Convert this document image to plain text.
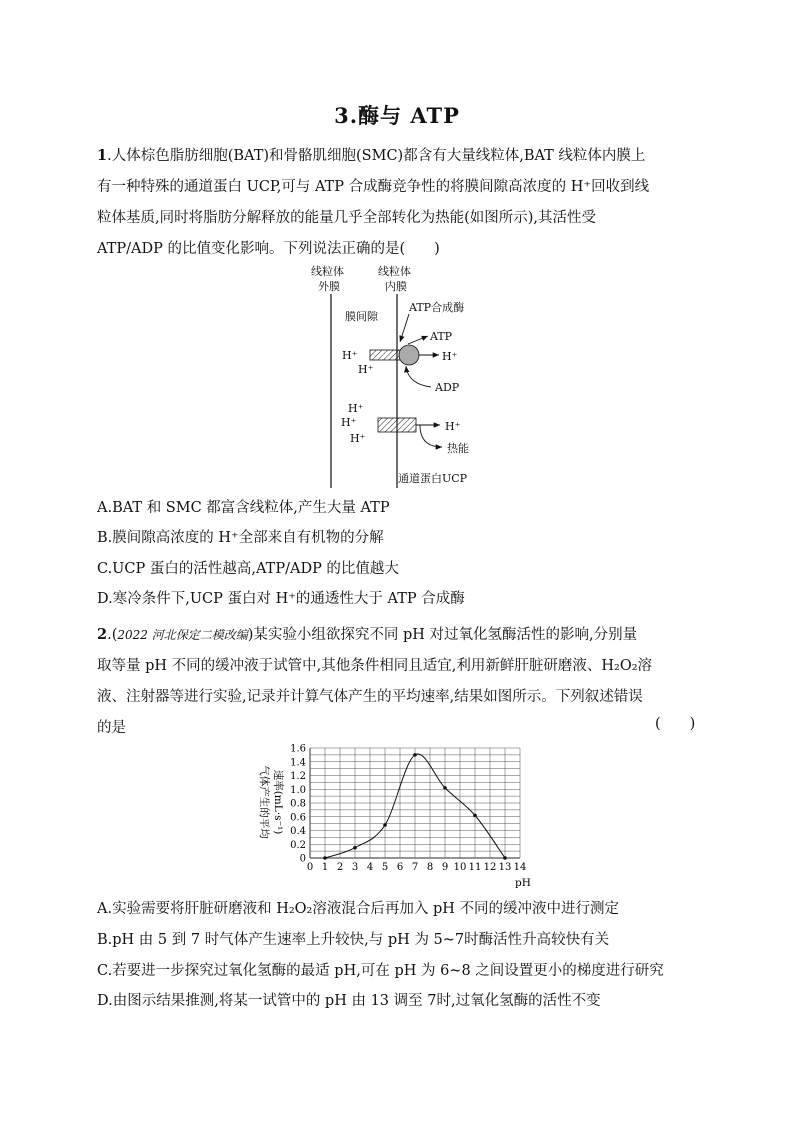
3.酶与 ATP
1.人体棕色脂肪细胞(BAT)和骨骼肌细胞(SMC)都含有大量线粒体,BAT 线粒体内膜上
有一种特殊的通道蛋白 UCP,可与 ATP 合成酶竞争性的将膜间隙高浓度的 H⁺回收到线
粒体基质,同时将脂肪分解释放的能量几乎全部转化为热能(如图所示),其活性受
ATP/ADP 的比值变化影响。下列说法正确的是(　　)
线粒体
外膜
线粒体
内膜
膜间隙
ATP合成酶
ATP
H⁺
H⁺
H⁺
ADP
H⁺
H⁺
H⁺
H⁺
热能
通道蛋白UCP
A.BAT 和 SMC 都富含线粒体,产生大量 ATP
B.膜间隙高浓度的 H⁺全部来自有机物的分解
C.UCP 蛋白的活性越高,ATP/ADP 的比值越大
D.寒冷条件下,UCP 蛋白对 H⁺的通透性大于 ATP 合成酶
2.(2022 河北保定二模改编)某实验小组欲探究不同 pH 对过氧化氢酶活性的影响,分别量
取等量 pH 不同的缓冲液于试管中,其他条件相同且适宜,利用新鲜肝脏研磨液、H₂O₂溶
液、注射器等进行实验,记录并计算气体产生的平均速率,结果如图所示。下列叙述错误
的是	(　　)
0 1 2 3 4 5 6 7 8 9 10 11 12 13 14
0
0.2
0.4
0.6
0.8
1.0
1.2
1.4
1.6
气体产生的平均 速率(mL·s⁻¹)
pH
A.实验需要将肝脏研磨液和 H₂O₂溶液混合后再加入 pH 不同的缓冲液中进行测定
B.pH 由 5 到 7 时气体产生速率上升较快,与 pH 为 5~7时酶活性升高较快有关
C.若要进一步探究过氧化氢酶的最适 pH,可在 pH 为 6~8 之间设置更小的梯度进行研究
D.由图示结果推测,将某一试管中的 pH 由 13 调至 7时,过氧化氢酶的活性不变
